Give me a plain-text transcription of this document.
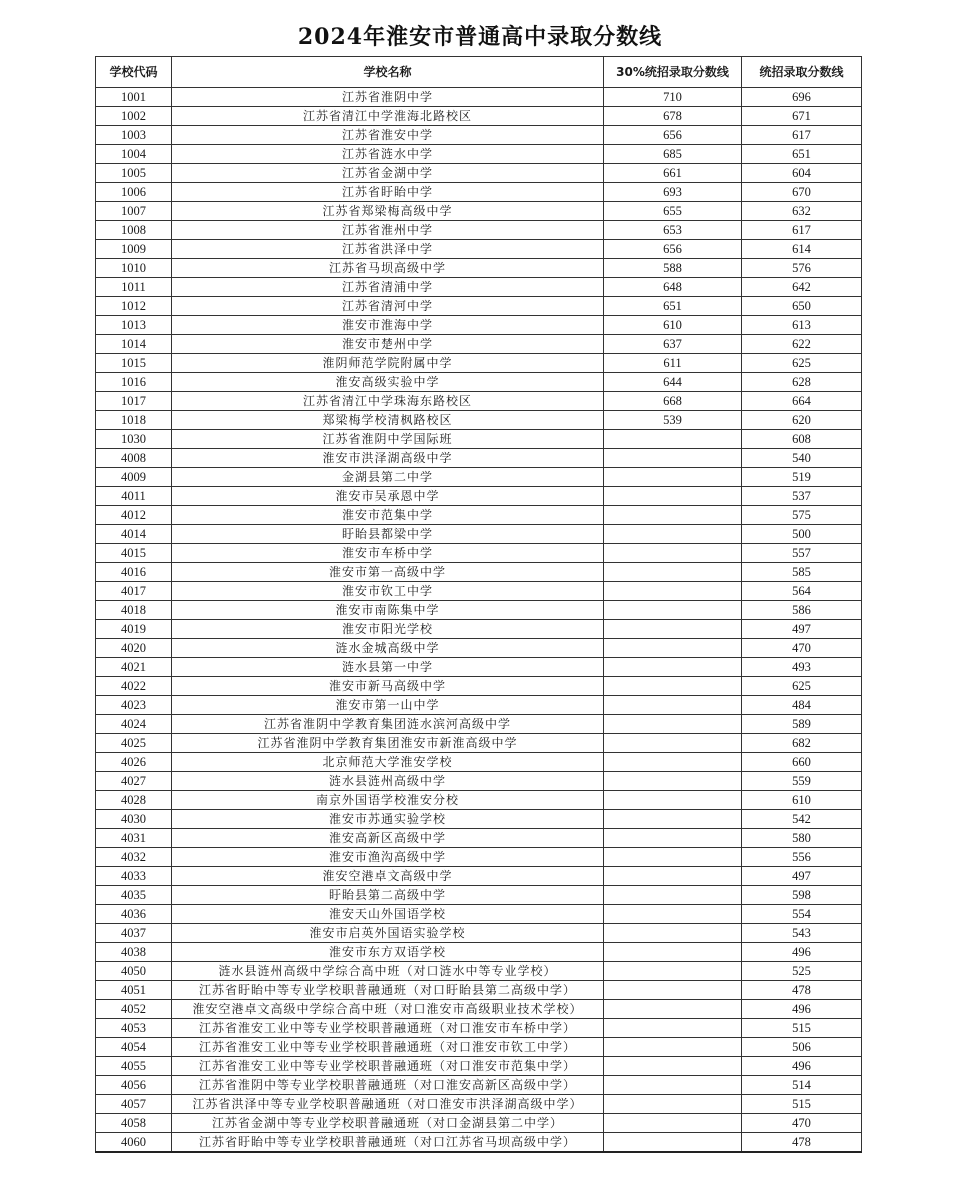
2024年淮安市普通高中录取分数线
学校代码	学校名称	30%统招录取分数线	统招录取分数线
1001	江苏省淮阴中学	710	696
1002	江苏省清江中学淮海北路校区	678	671
1003	江苏省淮安中学	656	617
1004	江苏省涟水中学	685	651
1005	江苏省金湖中学	661	604
1006	江苏省盱眙中学	693	670
1007	江苏省郑梁梅高级中学	655	632
1008	江苏省淮州中学	653	617
1009	江苏省洪泽中学	656	614
1010	江苏省马坝高级中学	588	576
1011	江苏省清浦中学	648	642
1012	江苏省清河中学	651	650
1013	淮安市淮海中学	610	613
1014	淮安市楚州中学	637	622
1015	淮阴师范学院附属中学	611	625
1016	淮安高级实验中学	644	628
1017	江苏省清江中学珠海东路校区	668	664
1018	郑梁梅学校清枫路校区	539	620
1030	江苏省淮阴中学国际班		608
4008	淮安市洪泽湖高级中学		540
4009	金湖县第二中学		519
4011	淮安市吴承恩中学		537
4012	淮安市范集中学		575
4014	盱眙县都梁中学		500
4015	淮安市车桥中学		557
4016	淮安市第一高级中学		585
4017	淮安市钦工中学		564
4018	淮安市南陈集中学		586
4019	淮安市阳光学校		497
4020	涟水金城高级中学		470
4021	涟水县第一中学		493
4022	淮安市新马高级中学		625
4023	淮安市第一山中学		484
4024	江苏省淮阴中学教育集团涟水滨河高级中学		589
4025	江苏省淮阴中学教育集团淮安市新淮高级中学		682
4026	北京师范大学淮安学校		660
4027	涟水县涟州高级中学		559
4028	南京外国语学校淮安分校		610
4030	淮安市苏通实验学校		542
4031	淮安高新区高级中学		580
4032	淮安市渔沟高级中学		556
4033	淮安空港卓文高级中学		497
4035	盱眙县第二高级中学		598
4036	淮安天山外国语学校		554
4037	淮安市启英外国语实验学校		543
4038	淮安市东方双语学校		496
4050	涟水县涟州高级中学综合高中班（对口涟水中等专业学校）		525
4051	江苏省盱眙中等专业学校职普融通班（对口盱眙县第二高级中学）		478
4052	淮安空港卓文高级中学综合高中班（对口淮安市高级职业技术学校）		496
4053	江苏省淮安工业中等专业学校职普融通班（对口淮安市车桥中学）		515
4054	江苏省淮安工业中等专业学校职普融通班（对口淮安市钦工中学）		506
4055	江苏省淮安工业中等专业学校职普融通班（对口淮安市范集中学）		496
4056	江苏省淮阴中等专业学校职普融通班（对口淮安高新区高级中学）		514
4057	江苏省洪泽中等专业学校职普融通班（对口淮安市洪泽湖高级中学）		515
4058	江苏省金湖中等专业学校职普融通班（对口金湖县第二中学）		470
4060	江苏省盱眙中等专业学校职普融通班（对口江苏省马坝高级中学）		478
